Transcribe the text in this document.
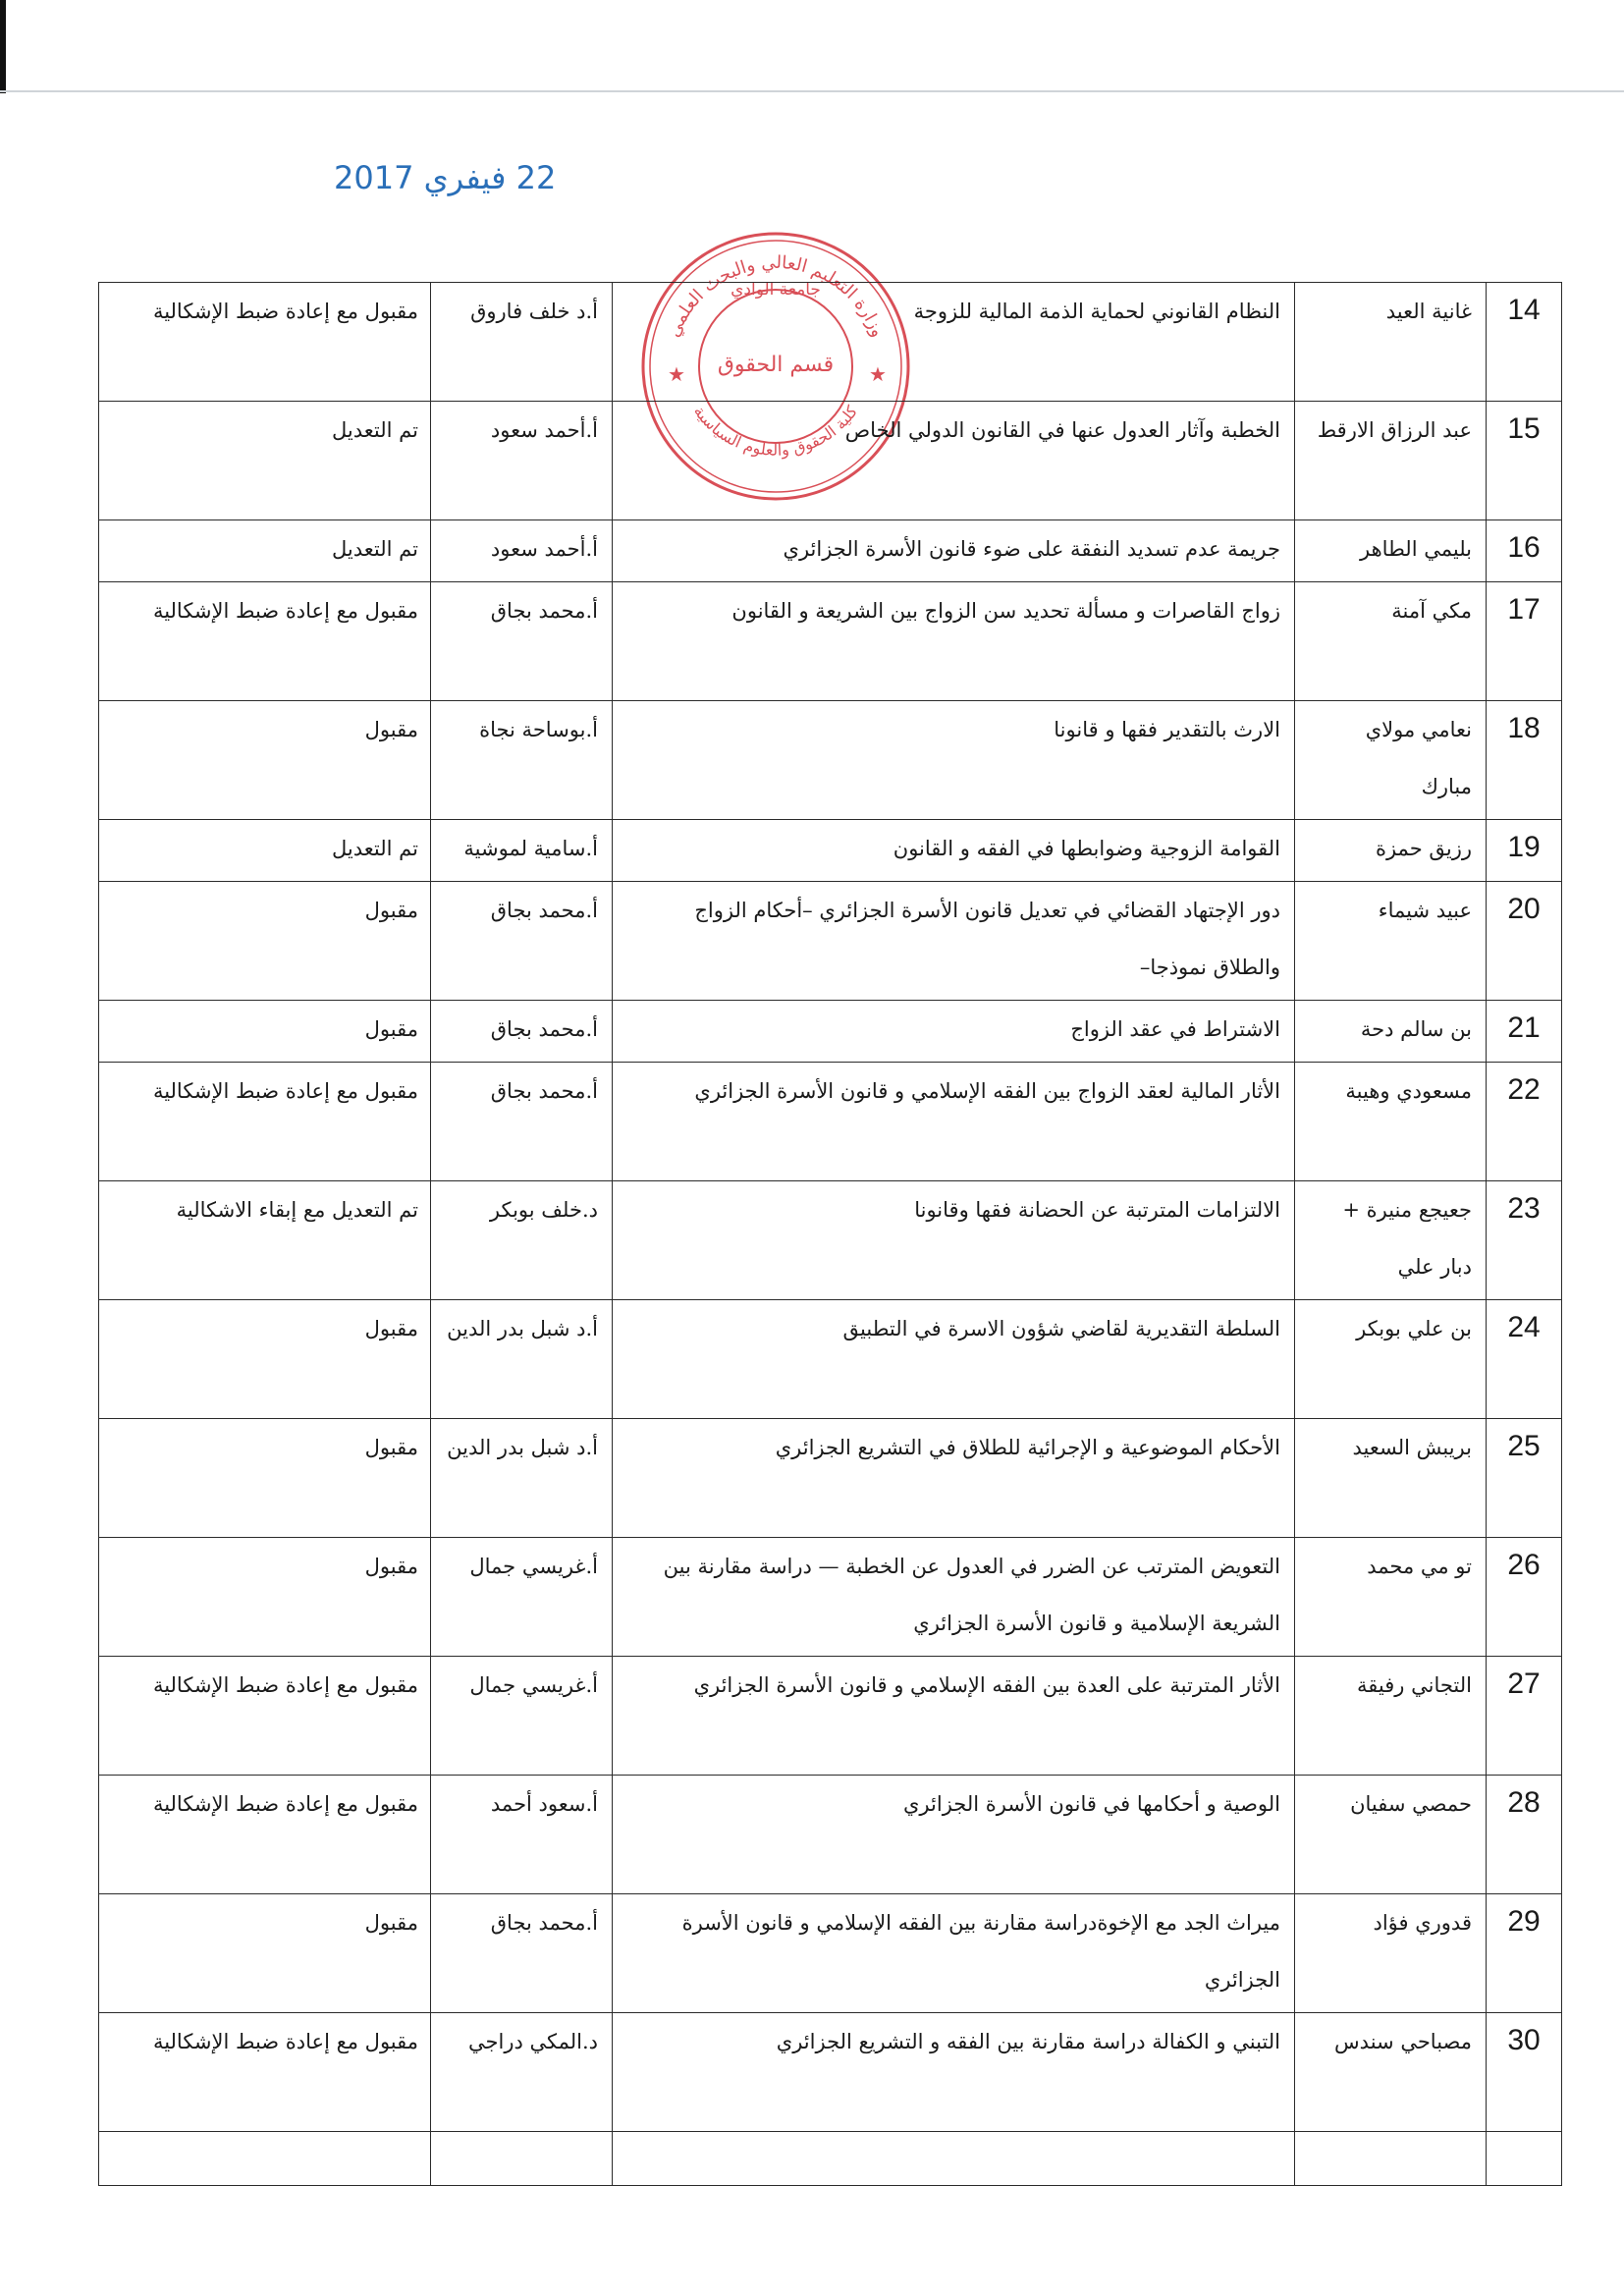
22 فيفري 2017
وزارة التعليم العالي والبحث العلمي
كلية الحقوق والعلوم السياسية
جامعة الوادي
قسم الحقوق
★	★
14	غانية العيد	النظام القانوني لحماية الذمة المالية للزوجة	أ.د خلف فاروق	مقبول مع إعادة ضبط الإشكالية
15	عبد الرزاق الارقط	الخطبة وآثار العدول عنها في القانون الدولي الخاص	أ.أحمد سعود	تم التعديل
16	بليمي الطاهر	جريمة عدم تسديد النفقة على ضوء قانون الأسرة الجزائري	أ.أحمد سعود	تم التعديل
17	مكي آمنة	زواج القاصرات و مسألة تحديد سن الزواج بين الشريعة و القانون	أ.محمد بجاق	مقبول مع إعادة ضبط الإشكالية
18	نعامي مولاي مبارك	الارث بالتقدير فقها و قانونا	أ.بوساحة نجاة	مقبول
19	رزيق حمزة	القوامة الزوجية وضوابطها في الفقه و القانون	أ.سامية لموشية	تم التعديل
20	عبيد شيماء	دور الإجتهاد القضائي في تعديل قانون الأسرة الجزائري –أحكام الزواج والطلاق نموذجا–	أ.محمد بجاق	مقبول
21	بن سالم دحة	الاشتراط في عقد الزواج	أ.محمد بجاق	مقبول
22	مسعودي وهيبة	الأثار المالية لعقد الزواج بين الفقه الإسلامي و قانون الأسرة الجزائري	أ.محمد بجاق	مقبول مع إعادة ضبط الإشكالية
23	جعيجع منيرة + دبار علي	الالتزامات المترتبة عن الحضانة فقها وقانونا	د.خلف بوبكر	تم التعديل مع إبقاء الاشكالية
24	بن علي بوبكر	السلطة التقديرية لقاضي شؤون الاسرة في التطبيق	أ.د شبل بدر الدين	مقبول
25	بريبش السعيد	الأحكام الموضوعية و الإجرائية للطلاق في التشريع الجزائري	أ.د شبل بدر الدين	مقبول
26	تو مي محمد	التعويض المترتب عن الضرر في العدول عن الخطبة — دراسة مقارنة بين الشريعة الإسلامية و قانون الأسرة الجزائري	أ.غريسي جمال	مقبول
27	التجاني رفيقة	الأثار المترتبة على العدة بين الفقه الإسلامي و قانون الأسرة الجزائري	أ.غريسي جمال	مقبول مع إعادة ضبط الإشكالية
28	حمصي سفيان	الوصية و أحكامها في قانون الأسرة الجزائري	أ.سعود أحمد	مقبول مع إعادة ضبط الإشكالية
29	قدوري فؤاد	ميراث الجد مع الإخوةدراسة مقارنة بين الفقه الإسلامي و قانون الأسرة الجزائري	أ.محمد بجاق	مقبول
30	مصباحي سندس	التبني و الكفالة دراسة مقارنة بين الفقه و التشريع الجزائري	د.المكي دراجي	مقبول مع إعادة ضبط الإشكالية
